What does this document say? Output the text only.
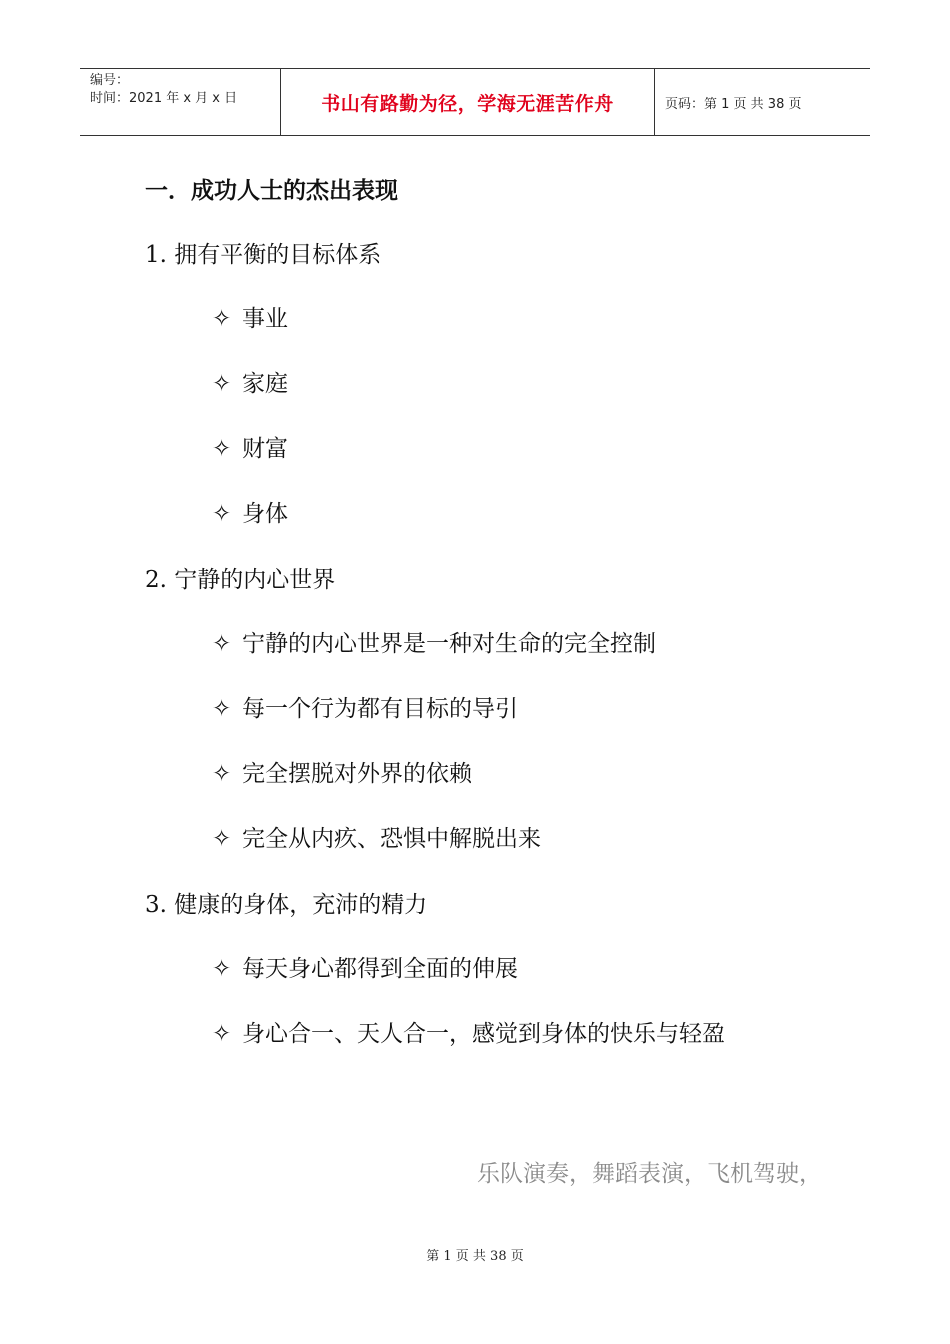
编号：
时间：2021 年 x 月 x 日	书山有路勤为径，学海无涯苦作舟	页码：第 1 页 共 38 页
一．成功人士的杰出表现
1. 拥有平衡的目标体系
✧ 事业
✧ 家庭
✧ 财富
✧ 身体
2. 宁静的内心世界
✧ 宁静的内心世界是一种对生命的完全控制
✧ 每一个行为都有目标的导引
✧ 完全摆脱对外界的依赖
✧ 完全从内疚、恐惧中解脱出来
3. 健康的身体，充沛的精力
✧ 每天身心都得到全面的伸展
✧ 身心合一、天人合一，感觉到身体的快乐与轻盈
乐队演奏，舞蹈表演，飞机驾驶，
第 1 页 共 38 页
